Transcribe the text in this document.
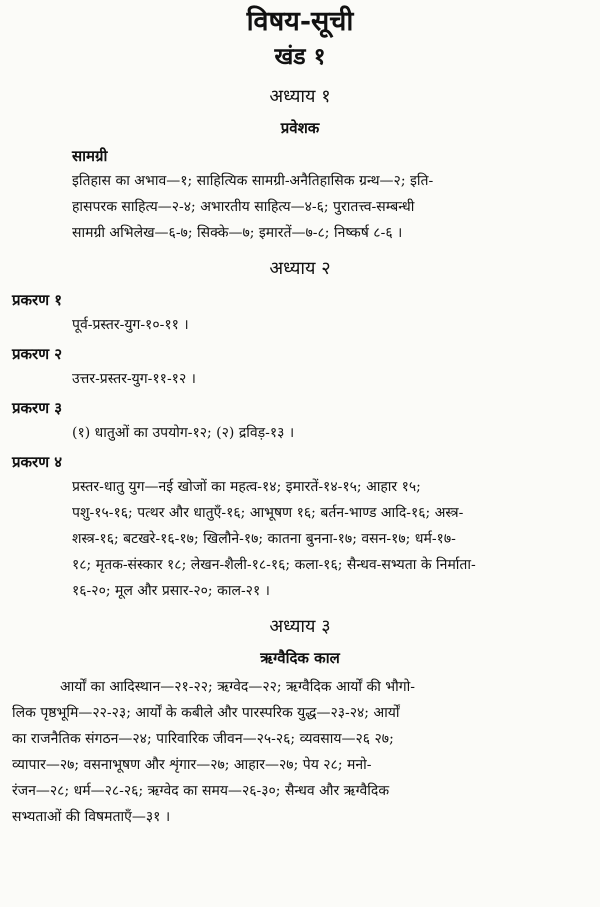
विषय-सूची
खंड १
अध्याय १
प्रवेशक
सामग्री

इतिहास का अभाव—१; साहित्यिक सामग्री-अनैतिहासिक ग्रन्थ—२; इति-
हासपरक साहित्य—२-४; अभारतीय साहित्य—४-६; पुरातत्त्व-सम्बन्धी
सामग्री अभिलेख—६-७; सिक्के—७; इमारतें—७-८; निष्कर्ष ८-६ ।

अध्याय २
प्रकरण १

पूर्व-प्रस्तर-युग-१०-११ ।

प्रकरण २

उत्तर-प्रस्तर-युग-११-१२ ।

प्रकरण ३

(१) धातुओं का उपयोग-१२; (२) द्रविड़-१३ ।

प्रकरण ४

प्रस्तर-धातु युग—नई खोजों का महत्व-१४; इमारतें-१४-१५; आहार १५;
पशु-१५-१६; पत्थर और धातुएँ-१६; आभूषण १६; बर्तन-भाण्ड आदि-१६; अस्त्र-
शस्त्र-१६; बटखरे-१६-१७; खिलौने-१७; कातना बुनना-१७; वसन-१७; धर्म-१७-
१८; मृतक-संस्कार १८; लेखन-शैली-१८-१६; कला-१६; सैन्धव-सभ्यता के निर्माता-
१६-२०; मूल और प्रसार-२०; काल-२१ ।

अध्याय ३
ऋग्वैदिक काल

आर्यों का आदिस्थान—२१-२२; ऋग्वेद—२२; ऋग्वैदिक आर्यों की भौगो-
लिक पृष्ठभूमि—२२-२३; आर्यों के कबीले और पारस्परिक युद्ध—२३-२४; आर्यों
का राजनैतिक संगठन—२४; पारिवारिक जीवन—२५-२६; व्यवसाय—२६ २७;
व्यापार—२७; वसनाभूषण और शृंगार—२७; आहार—२७; पेय २८; मनो-
रंजन—२८; धर्म—२८-२६; ऋग्वेद का समय—२६-३०; सैन्धव और ऋग्वैदिक
सभ्यताओं की विषमताएँ—३१ ।
